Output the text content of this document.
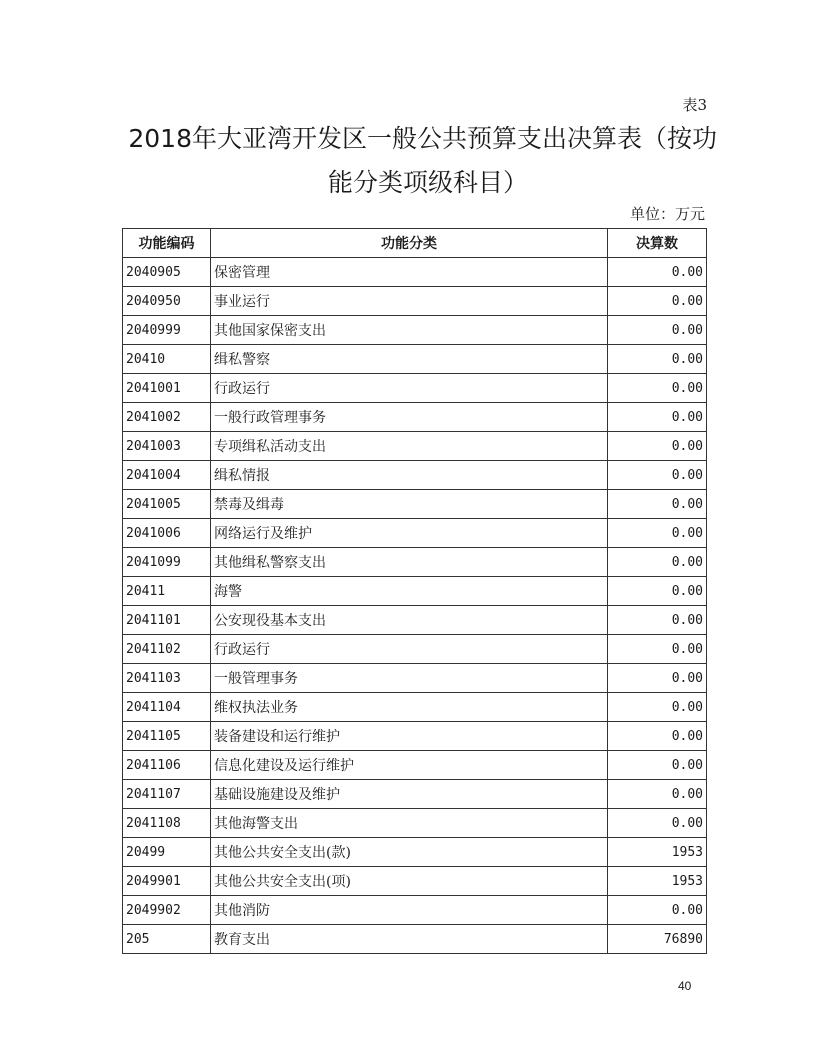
表3
2018年大亚湾开发区一般公共预算支出决算表（按功
能分类项级科目）
单位：万元
功能编码	功能分类	决算数
2040905	保密管理	0.00
2040950	事业运行	0.00
2040999	其他国家保密支出	0.00
20410	缉私警察	0.00
2041001	行政运行	0.00
2041002	一般行政管理事务	0.00
2041003	专项缉私活动支出	0.00
2041004	缉私情报	0.00
2041005	禁毒及缉毒	0.00
2041006	网络运行及维护	0.00
2041099	其他缉私警察支出	0.00
20411	海警	0.00
2041101	公安现役基本支出	0.00
2041102	行政运行	0.00
2041103	一般管理事务	0.00
2041104	维权执法业务	0.00
2041105	装备建设和运行维护	0.00
2041106	信息化建设及运行维护	0.00
2041107	基础设施建设及维护	0.00
2041108	其他海警支出	0.00
20499	其他公共安全支出(款)	1953
2049901	其他公共安全支出(项)	1953
2049902	其他消防	0.00
205	教育支出	76890
40
